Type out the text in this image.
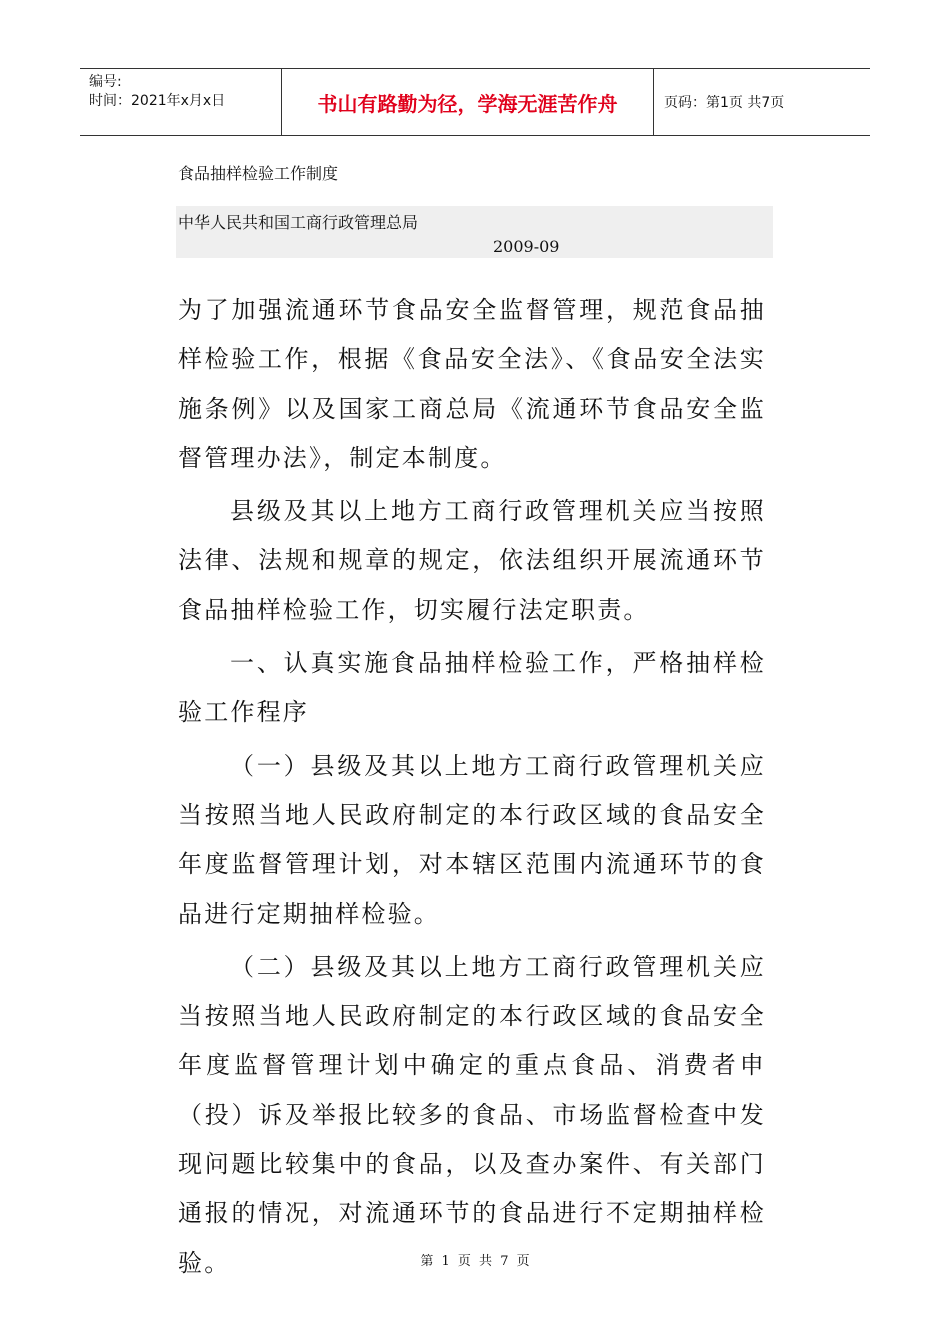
编号:
时间：2021年x月x日	书山有路勤为径，学海无涯苦作舟	页码：第1页 共7页
食品抽样检验工作制度
中华人民共和国工商行政管理总局
2009-09

为了加强流通环节食品安全监督管理，规范食品抽样检验工作，根据《食品安全法》、《食品安全法实施条例》以及国家工商总局《流通环节食品安全监督管理办法》，制定本制度。

县级及其以上地方工商行政管理机关应当按照法律、法规和规章的规定，依法组织开展流通环节食品抽样检验工作，切实履行法定职责。

一、认真实施食品抽样检验工作，严格抽样检验工作程序

（一）县级及其以上地方工商行政管理机关应当按照当地人民政府制定的本行政区域的食品安全年度监督管理计划，对本辖区范围内流通环节的食品进行定期抽样检验。

（二）县级及其以上地方工商行政管理机关应当按照当地人民政府制定的本行政区域的食品安全年度监督管理计划中确定的重点食品、消费者申（投）诉及举报比较多的食品、市场监督检查中发现问题比较集中的食品，以及查办案件、有关部门通报的情况，对流通环节的食品进行不定期抽样检验。	第 1 页 共 7 页
